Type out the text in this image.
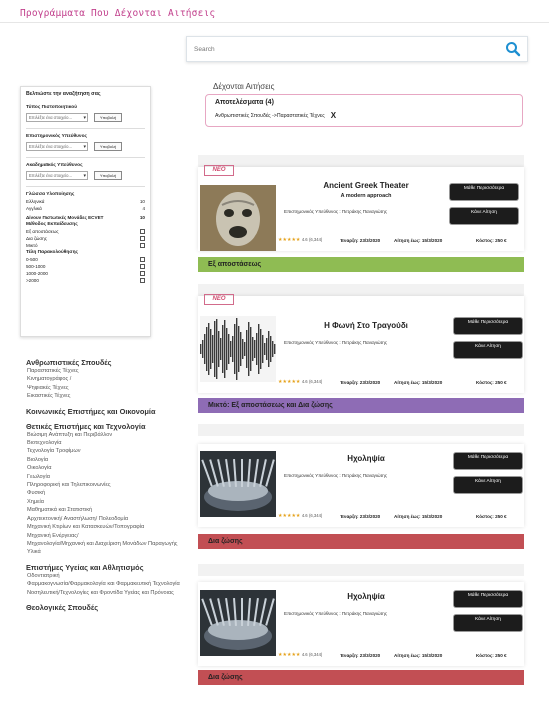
Προγράμματα Που Δέχονται Αιτήσεις
Search
Βελτιώστε την αναζήτηση σας
Τύπος Πιστοποιητικού
Επιλέξτε ένα στοιχείο... ▾	Υποβολή
Επιστημονικός Υπεύθυνος
Επιλέξτε ένα στοιχείο... ▾	Υποβολή
Ακαδημαϊκός Υπεύθυνος
Επιλέξτε ένα στοιχείο... ▾	Υποβολή
Γλώσσα Υλοποίησης
Ελληνικά	10
Αγγλικά	4
Δίνουν Πιστωτικές Μονάδες ECVET	10
Μέθοδος Εκπαίδευσης
Εξ αποστάσεως
Δια ζώσης
Μικτό
Τέλη Παρακολούθησης
0-500
500-1000
1000-2000
>2000
Ανθρωπιστικές Σπουδές
Παραστατικές Τέχνες
Κινηματογράφος /
Ψηφιακές Τέχνες
Εικαστικές Τέχνες
Κοινωνικές Επιστήμες και Οικονομία
Θετικές Επιστήμες και Τεχνολογία
Βιώσιμη Ανάπτυξη και Περιβάλλον
Βιοτεχνολογία
Τεχνολογία Τροφίμων
Βιολογία
Οικολογία
Γεωλογία
Πληροφορική και Τηλεπικοινωνίες
Φυσική
Χημεία
Μαθηματικά και Στατιστική
Αρχιτεκτονική/ Αναστήλωση/ Πολεοδομία
Μηχανική Κτιρίων και Κατασκευών/Τοπογραφία
Μηχανική Ενέργειας/
Μηχανολογία/Μηχανική και Διαχείριση Μονάδων Παραγωγής
Υλικά
Επιστήμες Υγείας και Αθλητισμός
Οδοντιατρική
Φαρμακογνωσία/Φαρμακολογία και Φαρμακευτική Τεχνολογία
Νοσηλευτική/Τεχνολογίες και Φροντίδα Υγείας και Πρόνοιας
Θεολογικές Σπουδές
Δέχονται Αιτήσεις
Αποτελέσματα (4)
Ανθρωπιστικές Σπουδές ->Παραστατικές Τέχνες X
ΝΕΟ
Ancient Greek Theater
A modern approach
Επιστημονικός Υπεύθυνος : Πετράκης Παναγιώτης
Μάθε Περισσότερα
Κάνε Αίτηση
★★★★★ 4.6 (6,344)	Έναρξη: 23/3/2020	Αίτηση έως: 15/3/2020	Κόστος: 250 €
Εξ αποστάσεως
ΝΕΟ
Η Φωνή Στο Τραγούδι
Επιστημονικός Υπεύθυνος : Πετράκης Παναγιώτης
Μάθε Περισσότερα
Κάνε Αίτηση
★★★★★ 4.6 (6,344)	Έναρξη: 23/3/2020	Αίτηση έως: 15/3/2020	Κόστος: 250 €
Μικτό: Εξ αποστάσεως και Δια ζώσης
Ηχοληψία
Επιστημονικός Υπεύθυνος : Πετράκης Παναγιώτης
Μάθε Περισσότερα
Κάνε Αίτηση
★★★★★ 4.6 (6,344)	Έναρξη: 23/3/2020	Αίτηση έως: 15/3/2020	Κόστος: 250 €
Δια ζώσης
Ηχοληψία
Επιστημονικός Υπεύθυνος : Πετράκης Παναγιώτης
Μάθε Περισσότερα
Κάνε Αίτηση
★★★★★ 4.6 (6,344)	Έναρξη: 23/3/2020	Αίτηση έως: 15/3/2020	Κόστος: 250 €
Δια ζώσης
